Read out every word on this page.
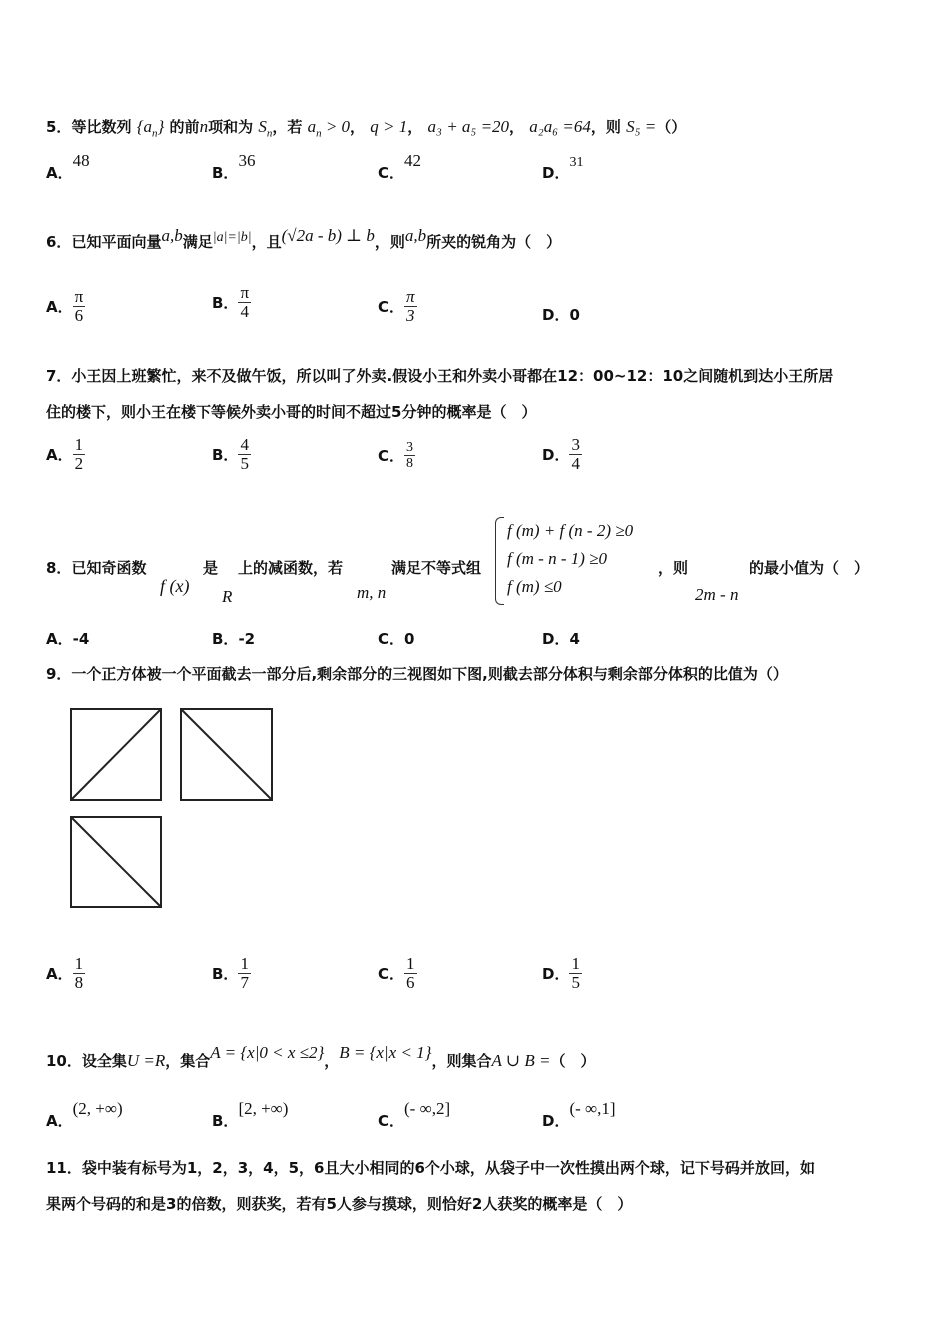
5．等比数列 $\{a_n\}$ 的前n项和为 $S_n$，若 $a_n > 0$， q > 1， a₃ + a₅ =20， a₂a₆ =64，则 S₅ =（）
A．48
B．36
C．42
D．31
6．已知平面向量a,b满足|a|=|b|，且(√2a - b) ⊥ b，则a,b所夹的锐角为（　）
A． $\frac{\pi}{6}$	B． $\frac{\pi}{4}$	C． $\frac{\pi}{3}$	D．0
7．小王因上班繁忙，来不及做午饭，所以叫了外卖.假设小王和外卖小哥都在12：00~12：10之间随机到达小王所居
住的楼下，则小王在楼下等候外卖小哥的时间不超过5分钟的概率是（　）
A． $\frac{1}{2}$	B． $\frac{4}{5}$	C． $\frac{3}{8}$	D． $\frac{3}{4}$
8．已知奇函数
f (x)
是
R
上的减函数，若
m, n
满足不等式组
f (m) + f (n - 2) ≥0
f (m - n - 1) ≥0
f (m) ≤0
，则
2m - n
的最小值为（　）
A．-4	B．-2	C．0	D．4
9．一个正方体被一个平面截去一部分后,剩余部分的三视图如下图,则截去部分体积与剩余部分体积的比值为（）
A． $\frac{1}{8}$	B． $\frac{1}{7}$	C． $\frac{1}{6}$	D． $\frac{1}{5}$
10．设全集U =R，集合A = {x|0 < x ≤2}，B = {x|x < 1}，则集合A ∪ B =（　）
A．(2, +∞)
B．[2, +∞)
C．(- ∞,2]
D．(- ∞,1]
11．袋中装有标号为1，2，3，4，5，6且大小相同的6个小球，从袋子中一次性摸出两个球，记下号码并放回，如
果两个号码的和是3的倍数，则获奖，若有5人参与摸球，则恰好2人获奖的概率是（　）
